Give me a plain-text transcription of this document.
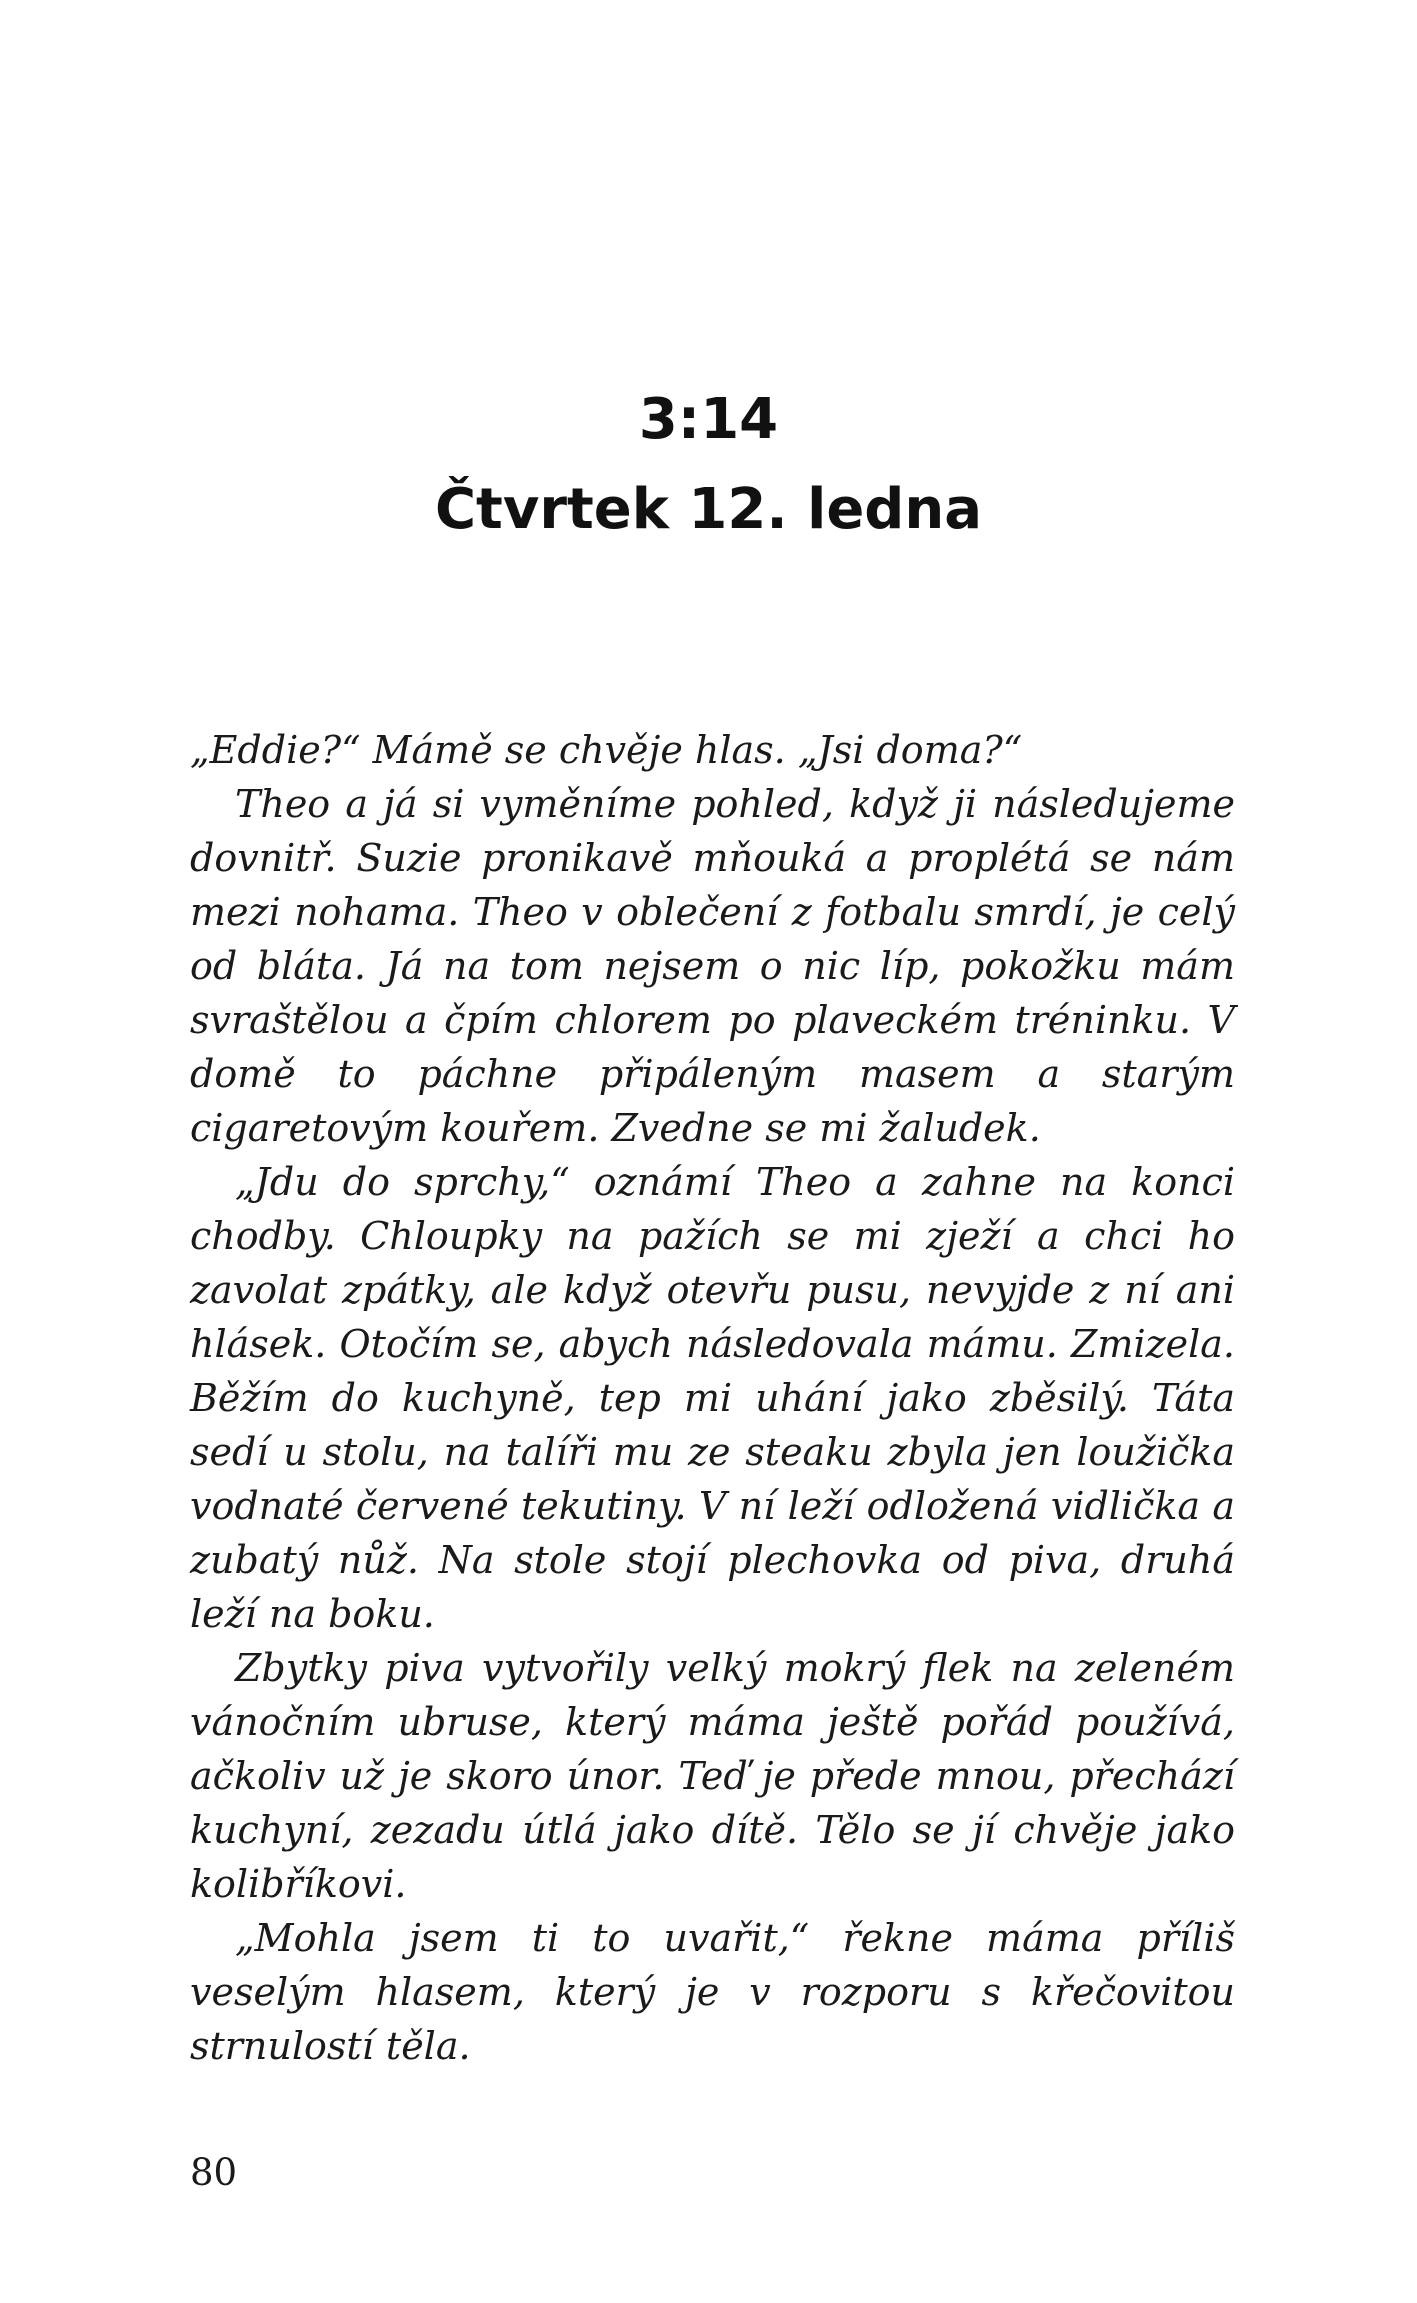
3:14
Čtvrtek 12. ledna

„Eddie?“ Mámě se chvěje hlas. „Jsi doma?“

Theo a já si vyměníme pohled, když ji následujeme dovnitř. Suzie pronikavě mňouká a proplétá se nám mezi nohama. Theo v oblečení z fotbalu smrdí, je celý od bláta. Já na tom nejsem o nic líp, pokožku mám svraštělou a čpím chlorem po plaveckém tréninku. V domě to páchne připáleným masem a starým cigaretovým kouřem. Zvedne se mi žaludek.

„Jdu do sprchy,“ oznámí Theo a zahne na konci chodby. Chloupky na pažích se mi zježí a chci ho zavolat zpátky, ale když otevřu pusu, nevyjde z ní ani hlásek. Otočím se, abych následovala mámu. Zmizela. Běžím do kuchyně, tep mi uhání jako zběsilý. Táta sedí u stolu, na talíři mu ze steaku zbyla jen loužička vodnaté červené tekutiny. V ní leží odložená vidlička a zubatý nůž. Na stole stojí plechovka od piva, druhá leží na boku.

Zbytky piva vytvořily velký mokrý flek na zeleném vánočním ubruse, který máma ještě pořád používá, ačkoliv už je skoro únor. Teď je přede mnou, přechází kuchyní, zezadu útlá jako dítě. Tělo se jí chvěje jako kolibříkovi.

„Mohla jsem ti to uvařit,“ řekne máma příliš veselým hlasem, který je v rozporu s křečovitou strnulostí těla.

80
